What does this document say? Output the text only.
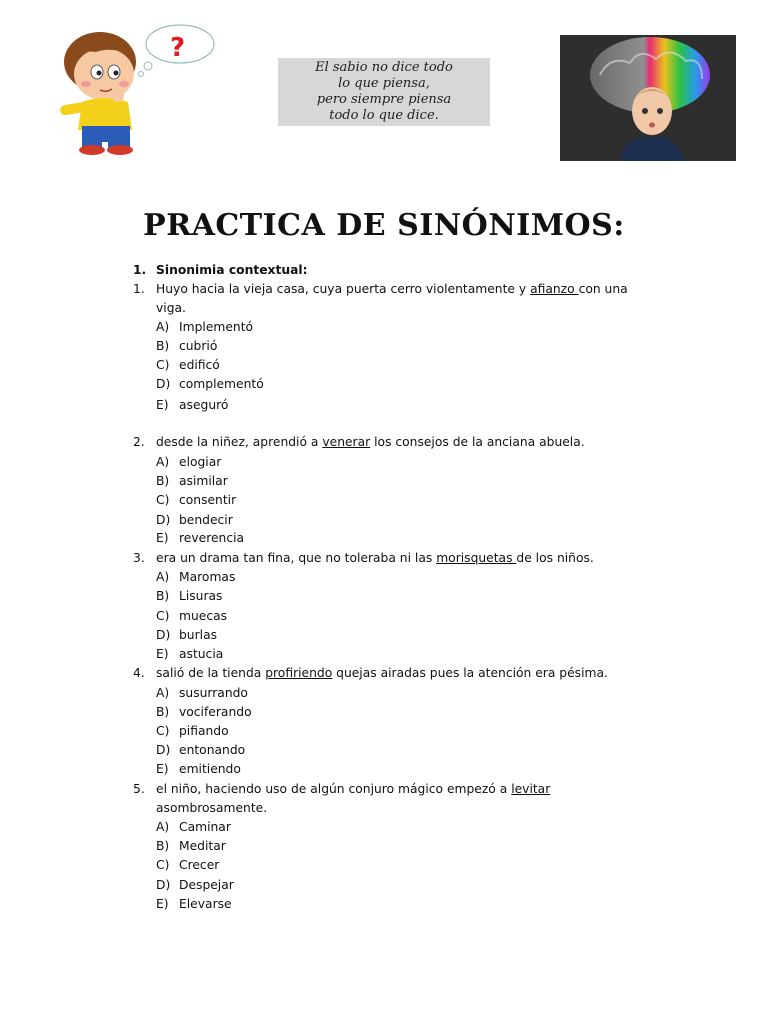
?
El sabio no dice todo
lo que piensa,
pero siempre piensa
todo lo que dice.
PRACTICA DE SINÓNIMOS:
1. Sinonimia contextual:
1. Huyo hacia la vieja casa, cuya puerta cerro violentamente y afianzo con una
viga.
A) Implementó
B) cubrió
C) edificó
D) complementó
E) aseguró
2. desde la niñez, aprendió a venerar los consejos de la anciana abuela.
A) elogiar
B) asimilar
C) consentir
D) bendecir
E) reverencia
3. era un drama tan fina, que no toleraba ni las morisquetas de los niños.
A) Maromas
B) Lisuras
C) muecas
D) burlas
E) astucia
4. salió de la tienda profiriendo quejas airadas pues la atención era pésima.
A) susurrando
B) vociferando
C) pifiando
D) entonando
E) emitiendo
5. el niño, haciendo uso de algún conjuro mágico empezó a levitar
asombrosamente.
A) Caminar
B) Meditar
C) Crecer
D) Despejar
E) Elevarse
